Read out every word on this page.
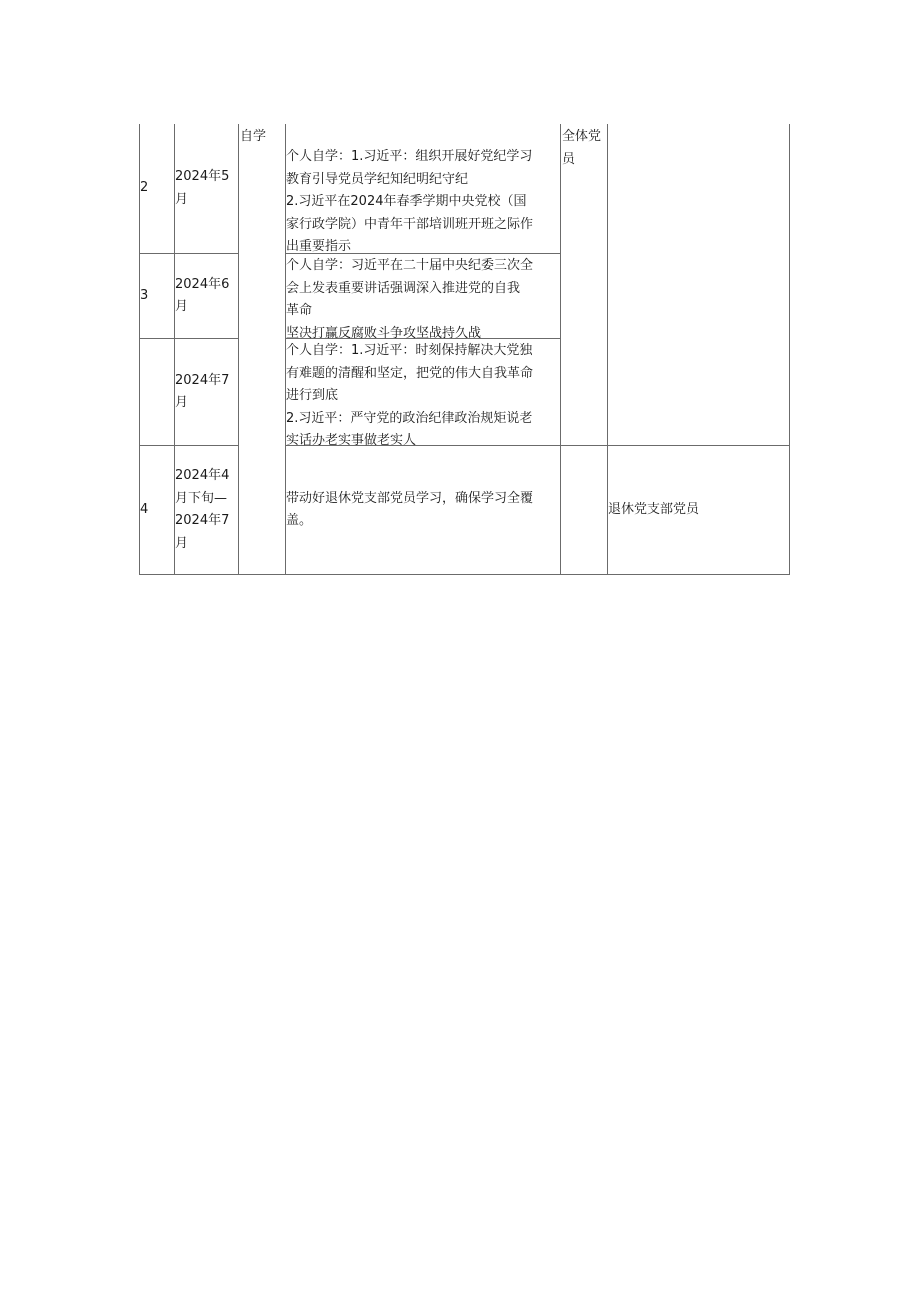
自学	全体党
员
2
2024年5
月
个人自学：1.习近平：组织开展好党纪学习
教育引导党员学纪知纪明纪守纪
2.习近平在2024年春季学期中央党校（国
家行政学院）中青年干部培训班开班之际作
出重要指示
3
2024年6
月
个人自学：习近平在二十届中央纪委三次全
会上发表重要讲话强调深入推进党的自我
革命
坚决打赢反腐败斗争攻坚战持久战
2024年7
月
个人自学：1.习近平：时刻保持解决大党独
有难题的清醒和坚定，把党的伟大自我革命
进行到底
2.习近平：严守党的政治纪律政治规矩说老
实话办老实事做老实人
4
2024年4
月下旬—
2024年7
月
带动好退休党支部党员学习，确保学习全覆
盖。
退休党支部党员
